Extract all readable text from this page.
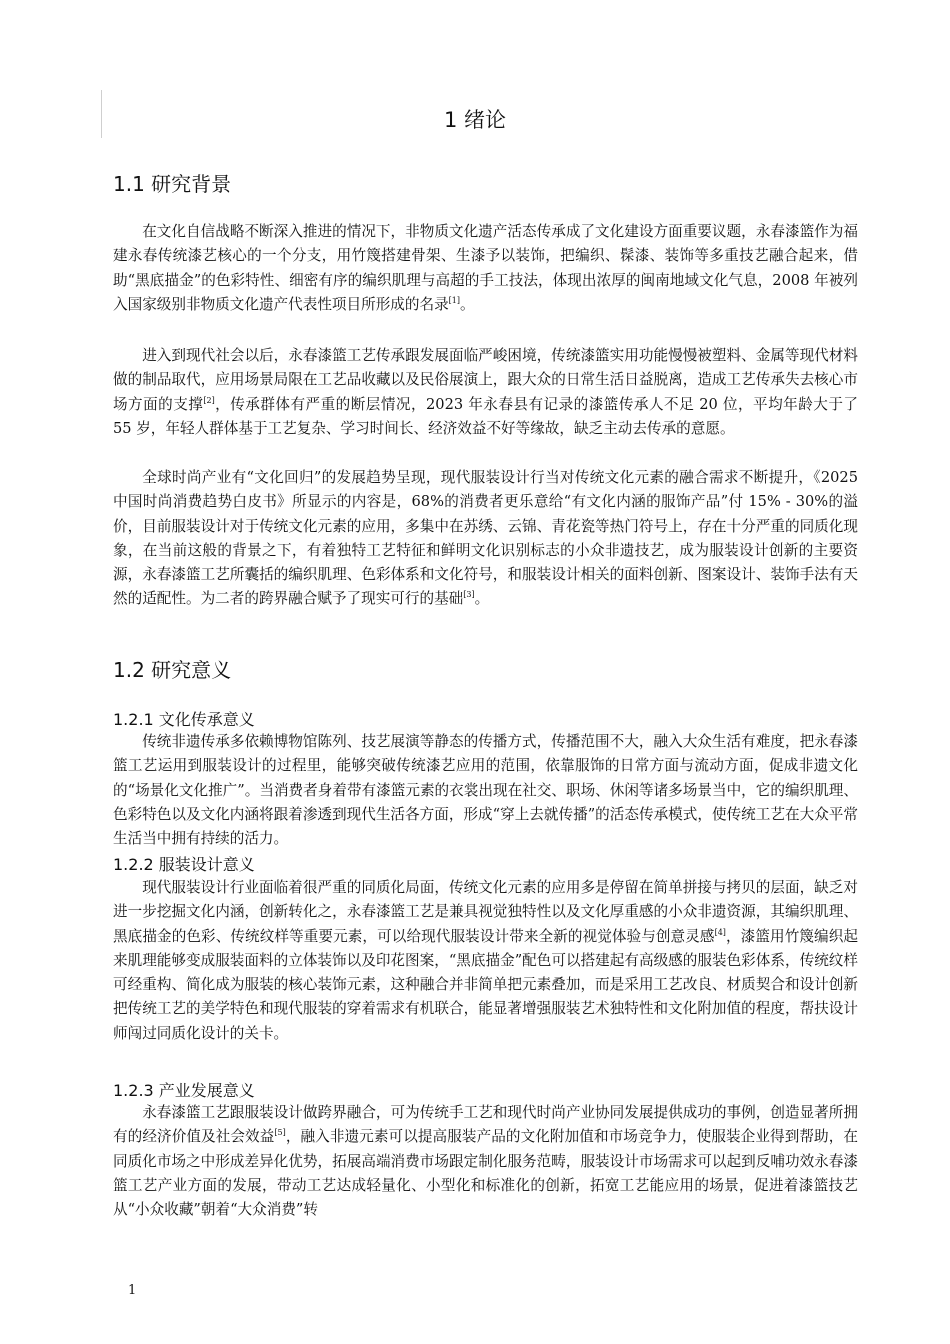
1 绪论
1.1 研究背景

在文化自信战略不断深入推进的情况下，非物质文化遗产活态传承成了文化建设方面重要议题，永春漆篮作为福建永春传统漆艺核心的一个分支，用竹篾搭建骨架、生漆予以装饰，把编织、髹漆、装饰等多重技艺融合起来，借助“黑底描金”的色彩特性、细密有序的编织肌理与高超的手工技法，体现出浓厚的闽南地域文化气息，2008 年被列入国家级别非物质文化遗产代表性项目所形成的名录[1]。

进入到现代社会以后，永春漆篮工艺传承跟发展面临严峻困境，传统漆篮实用功能慢慢被塑料、金属等现代材料做的制品取代，应用场景局限在工艺品收藏以及民俗展演上，跟大众的日常生活日益脱离，造成工艺传承失去核心市场方面的支撑[2]，传承群体有严重的断层情况，2023 年永春县有记录的漆篮传承人不足 20 位，平均年龄大于了 55 岁，年轻人群体基于工艺复杂、学习时间长、经济效益不好等缘故，缺乏主动去传承的意愿。

全球时尚产业有“文化回归”的发展趋势呈现，现代服装设计行当对传统文化元素的融合需求不断提升，《2025 中国时尚消费趋势白皮书》所显示的内容是，68%的消费者更乐意给“有文化内涵的服饰产品”付 15% - 30%的溢价，目前服装设计对于传统文化元素的应用，多集中在苏绣、云锦、青花瓷等热门符号上，存在十分严重的同质化现象，在当前这般的背景之下，有着独特工艺特征和鲜明文化识别标志的小众非遗技艺，成为服装设计创新的主要资源，永春漆篮工艺所囊括的编织肌理、色彩体系和文化符号，和服装设计相关的面料创新、图案设计、装饰手法有天然的适配性。为二者的跨界融合赋予了现实可行的基础[3]。

1.2 研究意义
1.2.1 文化传承意义

传统非遗传承多依赖博物馆陈列、技艺展演等静态的传播方式，传播范围不大，融入大众生活有难度，把永春漆篮工艺运用到服装设计的过程里，能够突破传统漆艺应用的范围，依靠服饰的日常方面与流动方面，促成非遗文化的“场景化文化推广”。当消费者身着带有漆篮元素的衣裳出现在社交、职场、休闲等诸多场景当中，它的编织肌理、色彩特色以及文化内涵将跟着渗透到现代生活各方面，形成“穿上去就传播”的活态传承模式，使传统工艺在大众平常生活当中拥有持续的活力。

1.2.2 服装设计意义

现代服装设计行业面临着很严重的同质化局面，传统文化元素的应用多是停留在简单拼接与拷贝的层面，缺乏对进一步挖掘文化内涵，创新转化之，永春漆篮工艺是兼具视觉独特性以及文化厚重感的小众非遗资源，其编织肌理、黑底描金的色彩、传统纹样等重要元素，可以给现代服装设计带来全新的视觉体验与创意灵感[4]，漆篮用竹篾编织起来肌理能够变成服装面料的立体装饰以及印花图案，“黑底描金”配色可以搭建起有高级感的服装色彩体系，传统纹样可经重构、简化成为服装的核心装饰元素，这种融合并非简单把元素叠加，而是采用工艺改良、材质契合和设计创新把传统工艺的美学特色和现代服装的穿着需求有机联合，能显著增强服装艺术独特性和文化附加值的程度，帮扶设计师闯过同质化设计的关卡。

1.2.3 产业发展意义

永春漆篮工艺跟服装设计做跨界融合，可为传统手工艺和现代时尚产业协同发展提供成功的事例，创造显著所拥有的经济价值及社会效益[5]，融入非遗元素可以提高服装产品的文化附加值和市场竞争力，使服装企业得到帮助，在同质化市场之中形成差异化优势，拓展高端消费市场跟定制化服务范畴，服装设计市场需求可以起到反哺功效永春漆篮工艺产业方面的发展，带动工艺达成轻量化、小型化和标准化的创新，拓宽工艺能应用的场景，促进着漆篮技艺从“小众收藏”朝着“大众消费”转

1
